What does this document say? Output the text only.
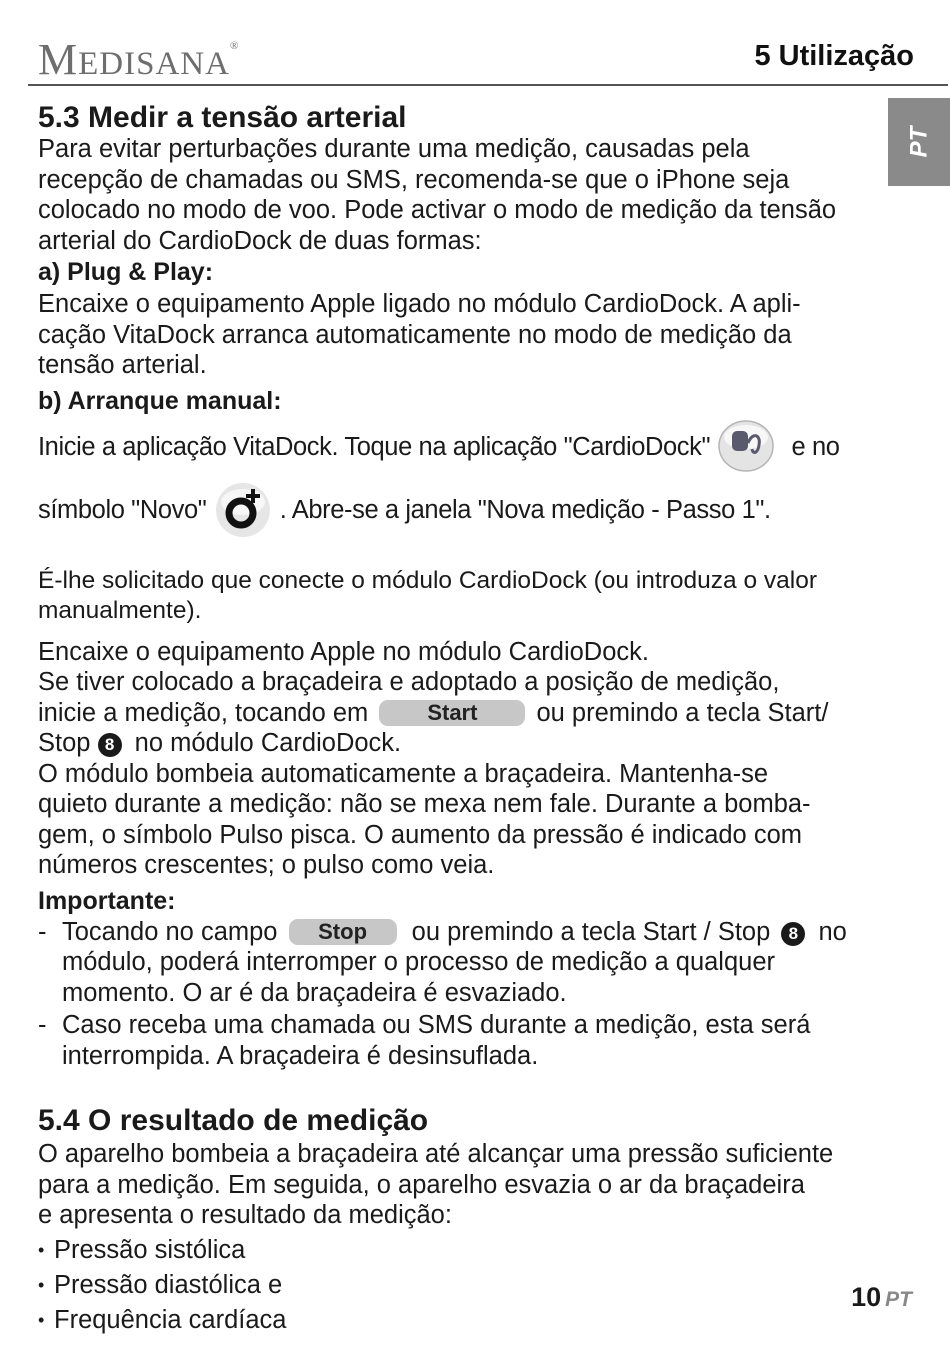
MEDISANA®	5 Utilização
PT
5.3 Medir a tensão arterial
Para evitar perturbações durante uma medição, causadas pela
recepção de chamadas ou SMS, recomenda-se que o iPhone seja
colocado no modo de voo. Pode activar o modo de medição da tensão
arterial do CardioDock de duas formas:
a) Plug & Play:
Encaixe o equipamento Apple ligado no módulo CardioDock. A apli-
cação VitaDock arranca automaticamente no modo de medição da
tensão arterial.
b) Arranque manual:
Inicie a aplicação VitaDock. Toque na aplicação "CardioDock"	e no
símbolo "Novo"	. Abre-se a janela "Nova medição - Passo 1".
É-lhe solicitado que conecte o módulo CardioDock (ou introduza o valor
manualmente).
Encaixe o equipamento Apple no módulo CardioDock.
Se tiver colocado a braçadeira e adoptado a posição de medição,
inicie a medição, tocando em	Start ou premindo a tecla Start/
Stop 8 no módulo CardioDock.
O módulo bombeia automaticamente a braçadeira. Mantenha-se
quieto durante a medição: não se mexa nem fale. Durante a bomba-
gem, o símbolo Pulso pisca. O aumento da pressão é indicado com
números crescentes; o pulso como veia.
Importante:
- Tocando no campo Stop ou premindo a tecla Start / Stop 8 no
módulo, poderá interromper o processo de medição a qualquer
momento. O ar é da braçadeira é esvaziado.
- Caso receba uma chamada ou SMS durante a medição, esta será
interrompida. A braçadeira é desinsuflada.
5.4 O resultado de medição
O aparelho bombeia a braçadeira até alcançar uma pressão suficiente
para a medição. Em seguida, o aparelho esvazia o ar da braçadeira
e apresenta o resultado da medição:
• Pressão sistólica
• Pressão diastólica e
• Frequência cardíaca
10 PT
